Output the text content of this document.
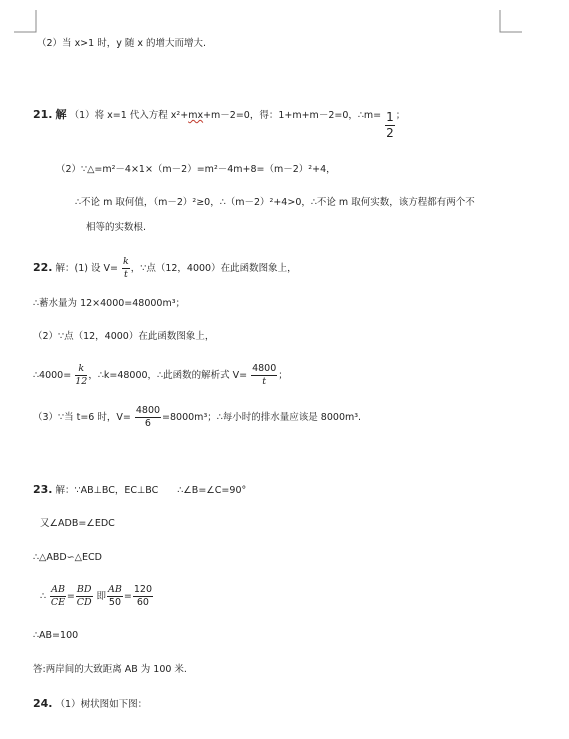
（2）当 x>1 时，y 随 x 的增大而增大.
21. 解 （1）将 x=1 代入方程 x²+mx+m－2=0，得：1+m+m－2=0，∴m= $\frac{1}{2}$ ；
（2）∵△=m²－4×1×（m－2）=m²－4m+8=（m－2）²+4，
∴不论 m 取何值，（m－2）²≥0，∴（m－2）²+4>0，∴不论 m 取何实数，该方程都有两个不
相等的实数根.
22. 解：(1) 设 $V= \frac{k}{t}$ ，∵点（12，4000）在此函数图象上，
∴蓄水量为 12×4000=48000m³；
（2）∵点（12，4000）在此函数图象上，
∴4000= $\frac{k}{12}$ ，∴k=48000，∴此函数的解析式 $V= \frac{4800}{t}$ ；
（3）∵当 t=6 时，$V= \frac{4800}{6} =8000m^3$；∴每小时的排水量应该是 8000m³.
23. 解：∵AB⊥BC，EC⊥BC　　∴∠B=∠C=90°
又∠ADB=∠EDC
∴△ABD∽△ECD
∴ $\frac{AB}{CE} = \frac{BD}{CD}$ 即 $\frac{AB}{50} = \frac{120}{60}$
∴AB=100
答:两岸间的大致距离 AB 为 100 米.
24. （1）树状图如下图：
